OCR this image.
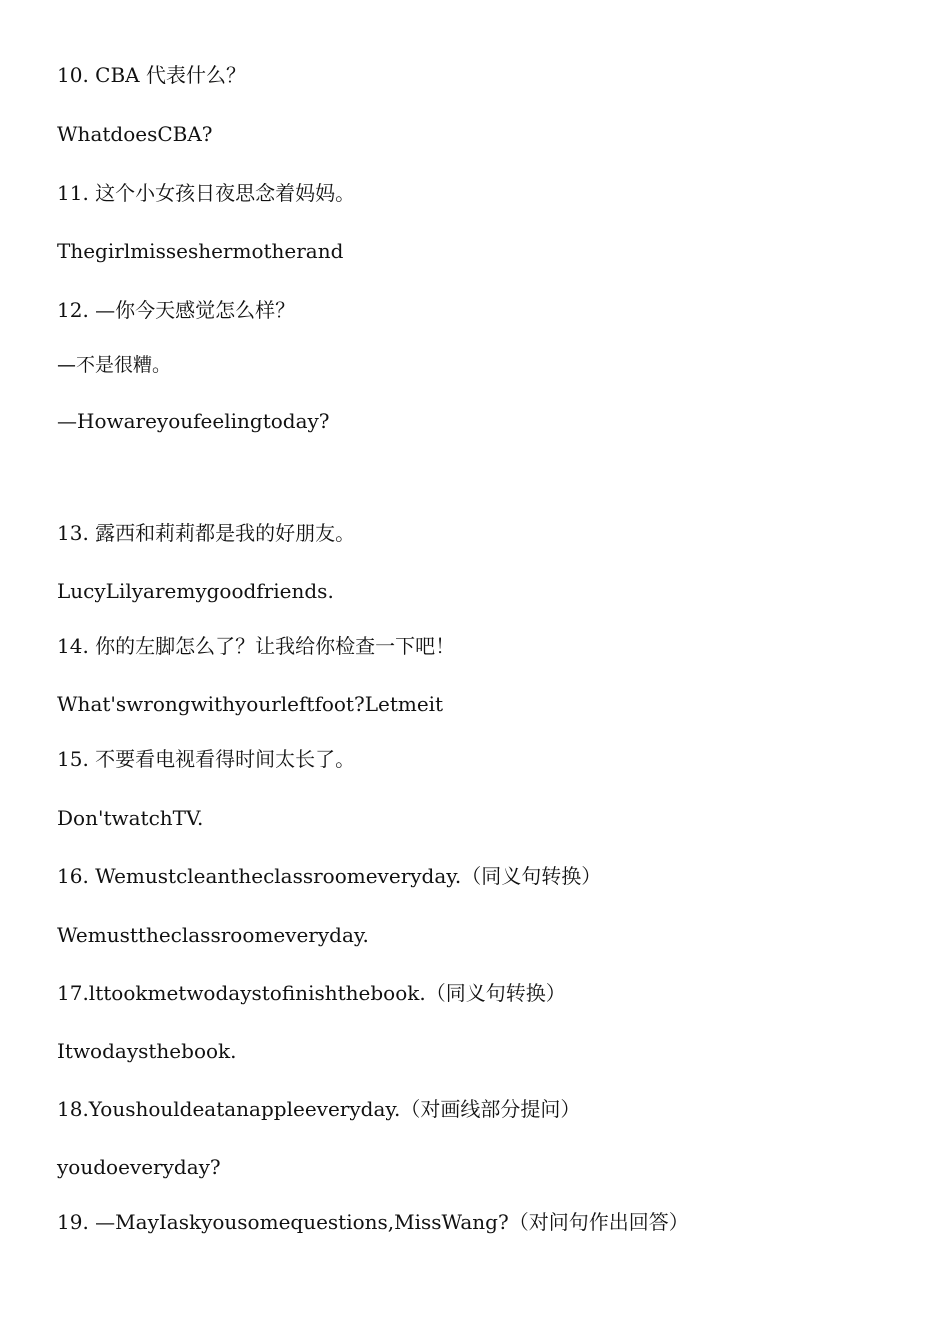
10. CBA 代表什么？
WhatdoesCBA?
11. 这个小女孩日夜思念着妈妈。
Thegirlmisseshermotherand
12. —你今天感觉怎么样？
—不是很糟。
—Howareyoufeelingtoday?
13. 露西和莉莉都是我的好朋友。
LucyLilyaremygoodfriends.
14. 你的左脚怎么了？让我给你检查一下吧！
What'swrongwithyourleftfoot?Letmeit
15. 不要看电视看得时间太长了。
Don'twatchTV.
16. Wemustcleantheclassroomeveryday.（同义句转换）
Wemusttheclassroomeveryday.
17.lttookmetwodaystofinishthebook.（同义句转换）
Itwodaysthebook.
18.Youshouldeatanappleeveryday.（对画线部分提问）
youdoeveryday?
19. —MayIaskyousomequestions,MissWang?（对问句作出回答）
